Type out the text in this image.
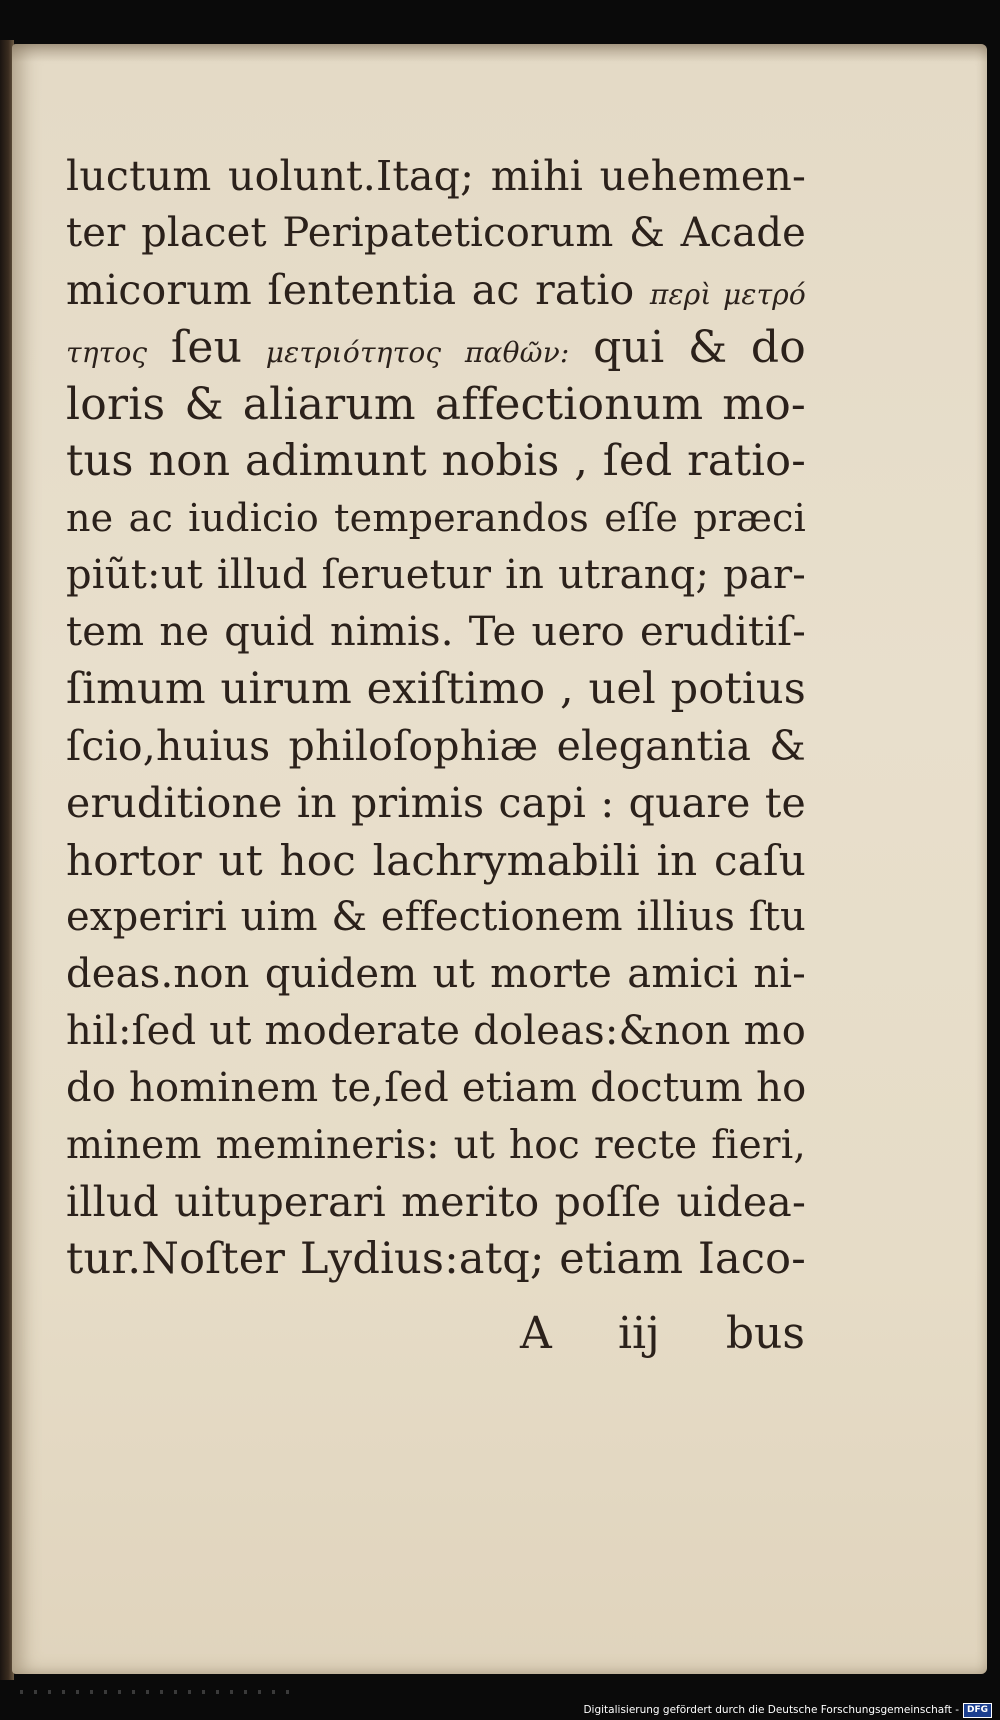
luctum uolunt.Itaq; mihi uehemen-
ter placet Peripateticorum & Acade
micorum ſententia ac ratio περὶ μετρό
τητος ſeu μετριότητος παθῶν: qui & do
loris & aliarum affectionum mo-
tus non adimunt nobis , ſed ratio-
ne ac iudicio temperandos eſſe præci
piũt:ut illud ſeruetur in utranq; par-
tem ne quid nimis. Te uero eruditiſ-
ſimum uirum exiſtimo , uel potius
ſcio,huius philoſophiæ elegantia &
eruditione in primis capi : quare te
hortor ut hoc lachrymabili in caſu
experiri uim & effectionem illius ſtu
deas.non quidem ut morte amici ni-
hil:ſed ut moderate doleas:&non mo
do hominem te,ſed etiam doctum ho
minem memineris: ut hoc recte fieri,
illud uituperari merito poſſe uidea-
tur.Noſter Lydius:atq; etiam Iaco-
A iij bus
Digitalisierung gefördert durch die Deutsche Forschungsgemeinschaft - DFG
